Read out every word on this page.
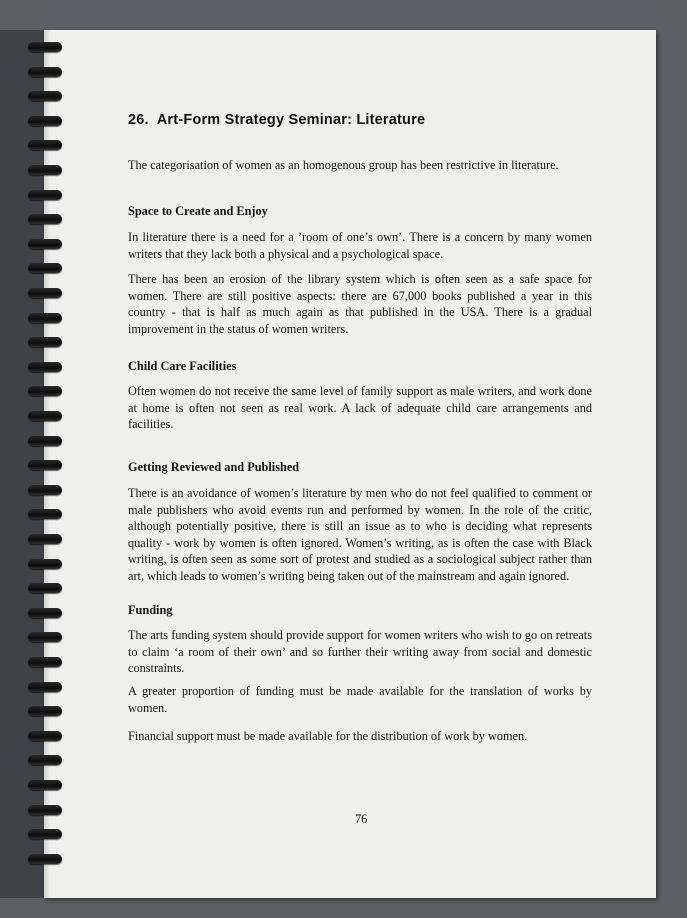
26. Art-Form Strategy Seminar: Literature

The categorisation of women as an homogenous group has been restrictive in literature.

Space to Create and Enjoy

In literature there is a need for a ’room of one’s own’. There is a concern by many women writers that they lack both a physical and a psychological space.

There has been an erosion of the library system which is often seen as a safe space for women. There are still positive aspects: there are 67,000 books published a year in this country - that is half as much again as that published in the USA. There is a gradual improvement in the status of women writers.

Child Care Facilities

Often women do not receive the same level of family support as male writers, and work done at home is often not seen as real work. A lack of adequate child care arrangements and facilities.

Getting Reviewed and Published

There is an avoidance of women’s literature by men who do not feel qualified to comment or male publishers who avoid events run and performed by women. In the role of the critic, although potentially positive, there is still an issue as to who is deciding what represents quality - work by women is often ignored. Women’s writing, as is often the case with Black writing, is often seen as some sort of protest and studied as a sociological subject rather than art, which leads to women’s writing being taken out of the mainstream and again ignored.

Funding

The arts funding system should provide support for women writers who wish to go on retreats to claim ‘a room of their own’ and so further their writing away from social and domestic constraints.

A greater proportion of funding must be made available for the translation of works by women.

Financial support must be made available for the distribution of work by women.

76
